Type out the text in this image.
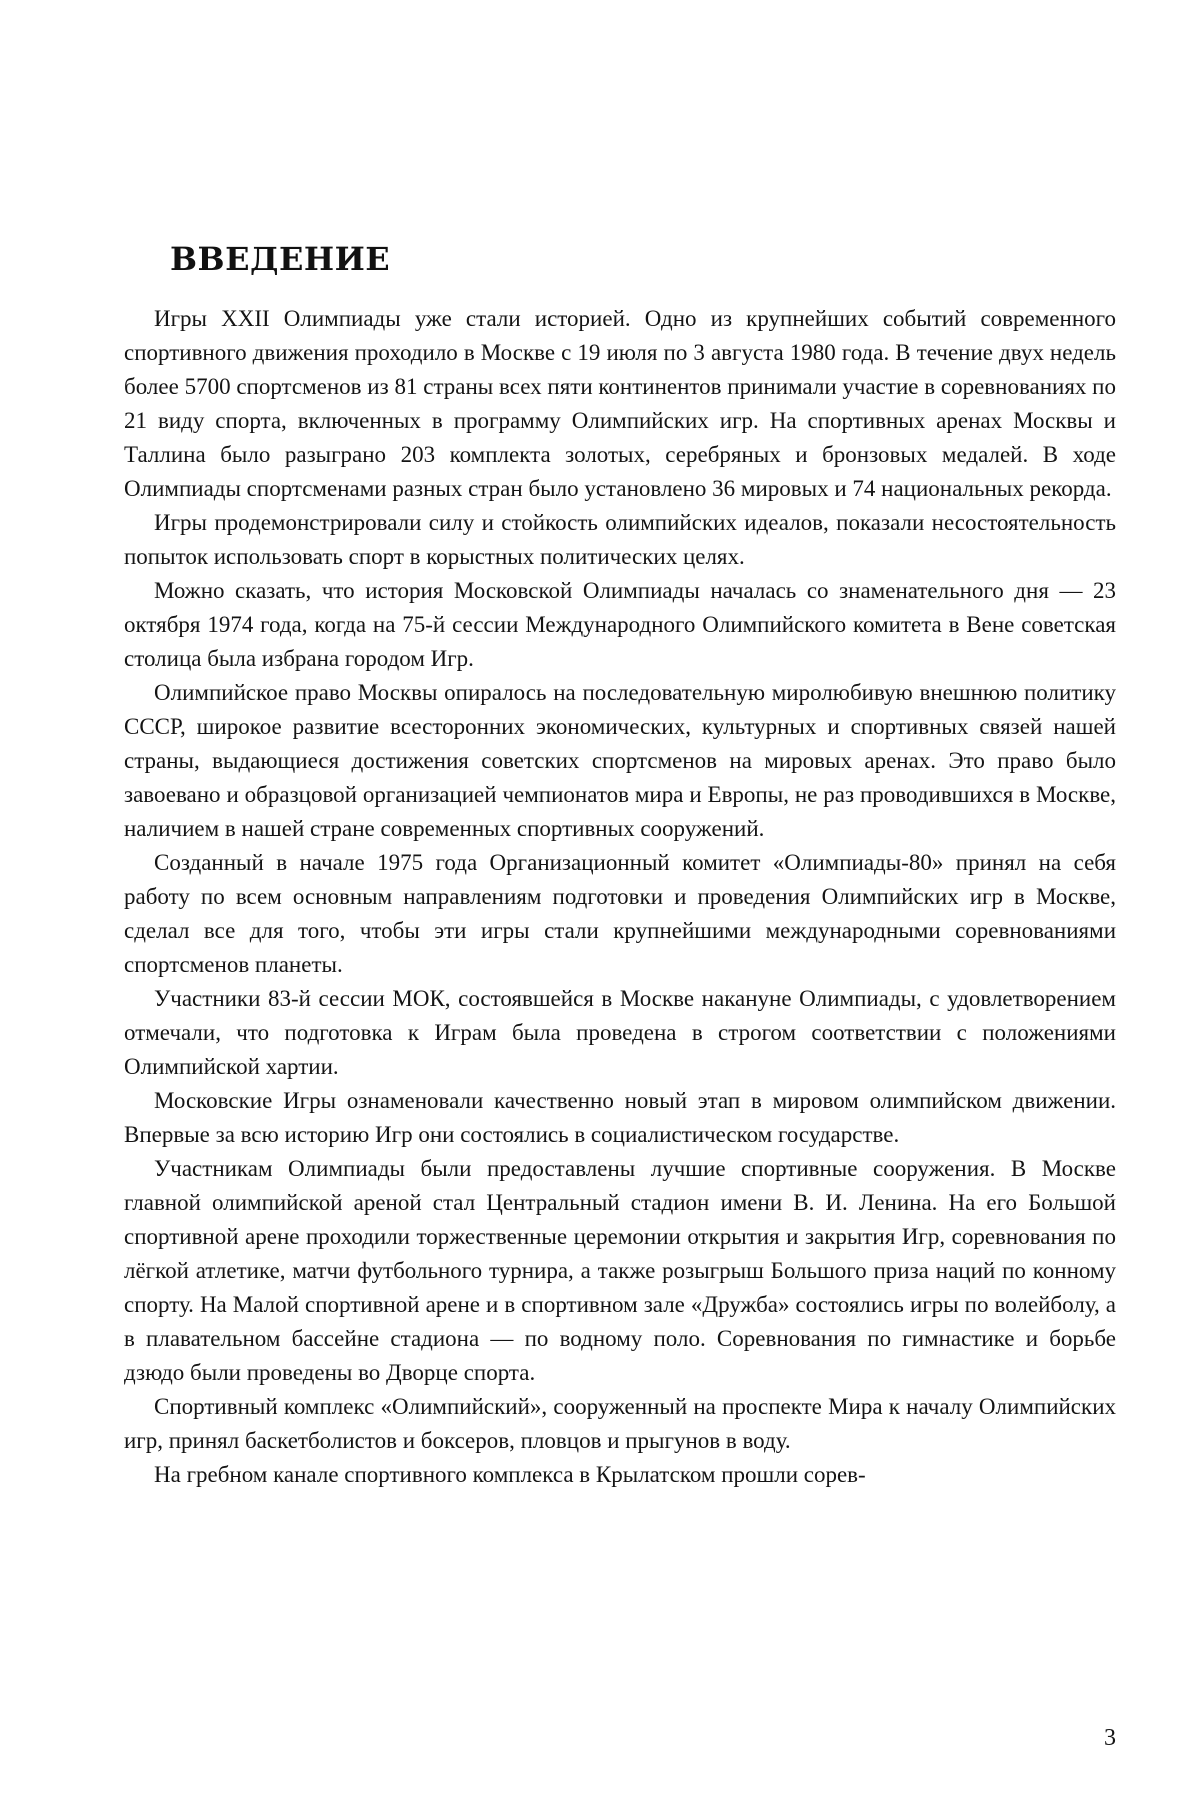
ВВЕДЕНИЕ

Игры XXII Олимпиады уже стали историей. Одно из крупнейших событий современного спортивного движения проходило в Москве с 19 июля по 3 августа 1980 года. В течение двух недель более 5700 спортсменов из 81 страны всех пяти континентов принимали участие в соревнованиях по 21 виду спорта, включенных в программу Олимпийских игр. На спортивных аренах Москвы и Таллина было разыграно 203 комплекта золотых, серебряных и бронзовых медалей. В ходе Олимпиады спортсменами разных стран было установлено 36 мировых и 74 национальных рекорда.

Игры продемонстрировали силу и стойкость олимпийских идеалов, показали несостоятельность попыток использовать спорт в корыстных политических целях.

Можно сказать, что история Московской Олимпиады началась со знаменательного дня — 23 октября 1974 года, когда на 75-й сессии Международного Олимпийского комитета в Вене советская столица была избрана городом Игр.

Олимпийское право Москвы опиралось на последовательную миролюбивую внешнюю политику СССР, широкое развитие всесторонних экономических, культурных и спортивных связей нашей страны, выдающиеся достижения советских спортсменов на мировых аренах. Это право было завоевано и образцовой организацией чемпионатов мира и Европы, не раз проводившихся в Москве, наличием в нашей стране современных спортивных сооружений.

Созданный в начале 1975 года Организационный комитет «Олимпиады-80» принял на себя работу по всем основным направлениям подготовки и проведения Олимпийских игр в Москве, сделал все для того, чтобы эти игры стали крупнейшими международными соревнованиями спортсменов планеты.

Участники 83-й сессии МОК, состоявшейся в Москве накануне Олимпиады, с удовлетворением отмечали, что подготовка к Играм была проведена в строгом соответствии с положениями Олимпийской хартии.

Московские Игры ознаменовали качественно новый этап в мировом олимпийском движении. Впервые за всю историю Игр они состоялись в социалистическом государстве.

Участникам Олимпиады были предоставлены лучшие спортивные сооружения. В Москве главной олимпийской ареной стал Центральный стадион имени В. И. Ленина. На его Большой спортивной арене проходили торжественные церемонии открытия и закрытия Игр, соревнования по лёгкой атлетике, матчи футбольного турнира, а также розыгрыш Большого приза наций по конному спорту. На Малой спортивной арене и в спортивном зале «Дружба» состоялись игры по волейболу, а в плавательном бассейне стадиона — по водному поло. Соревнования по гимнастике и борьбе дзюдо были проведены во Дворце спорта.

Спортивный комплекс «Олимпийский», сооруженный на проспекте Мира к началу Олимпийских игр, принял баскетболистов и боксеров, пловцов и прыгунов в воду.

На гребном канале спортивного комплекса в Крылатском прошли сорев-

3
